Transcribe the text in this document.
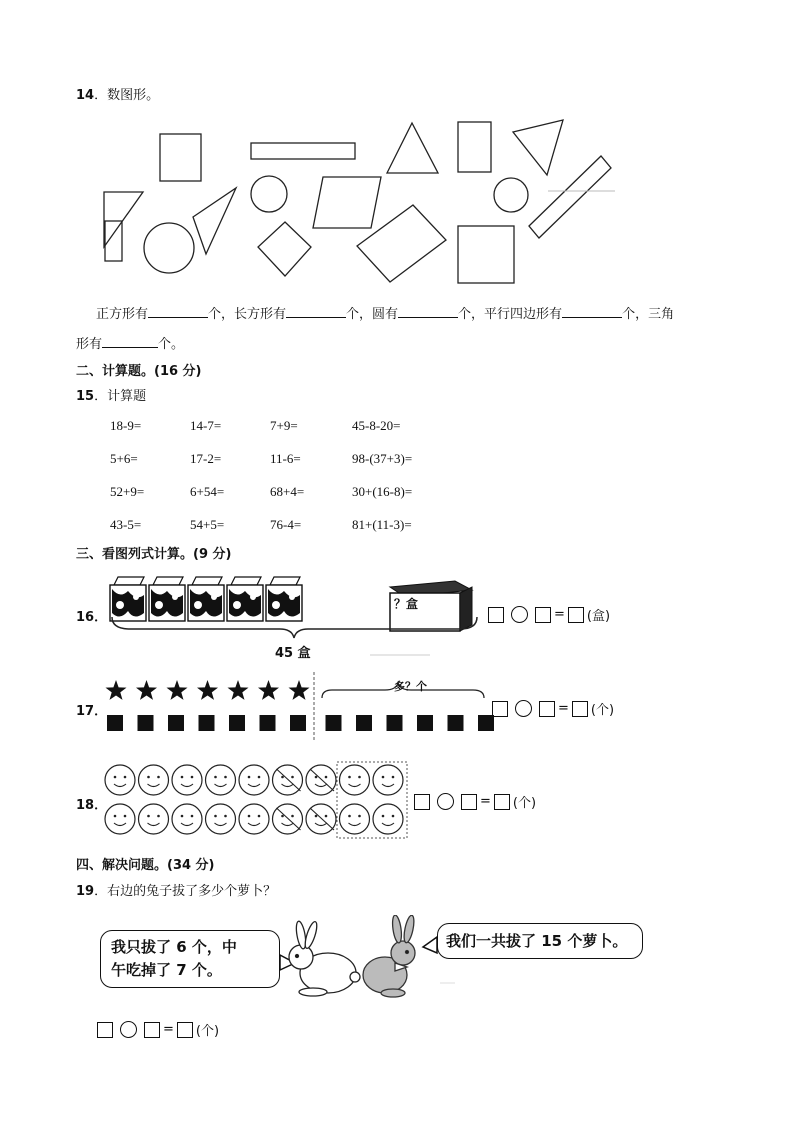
14．数图形。
正方形有	个，长方形有	个，圆有	个，平行四边形有	个，三角
形有	个。
二、计算题。(16 分)
15．计算题
18-9=	14-7=	7+9=	45-8-20=
5+6=	17-2=	11-6=	98-(37+3)=
52+9=	6+54=	68+4=	30+(16-8)=
43-5=	54+5=	76-4=	81+(11-3)=
三、看图列式计算。(9 分)
16．
？盒
45 盒
= (盒)
17．
多？个
= (个)
18．	= (个)
四、解决问题。(34 分)
19．右边的兔子拔了多少个萝卜？
我只拔了 6 个，中
午吃掉了 7 个。
我们一共拔了 15 个萝卜。
= (个)
